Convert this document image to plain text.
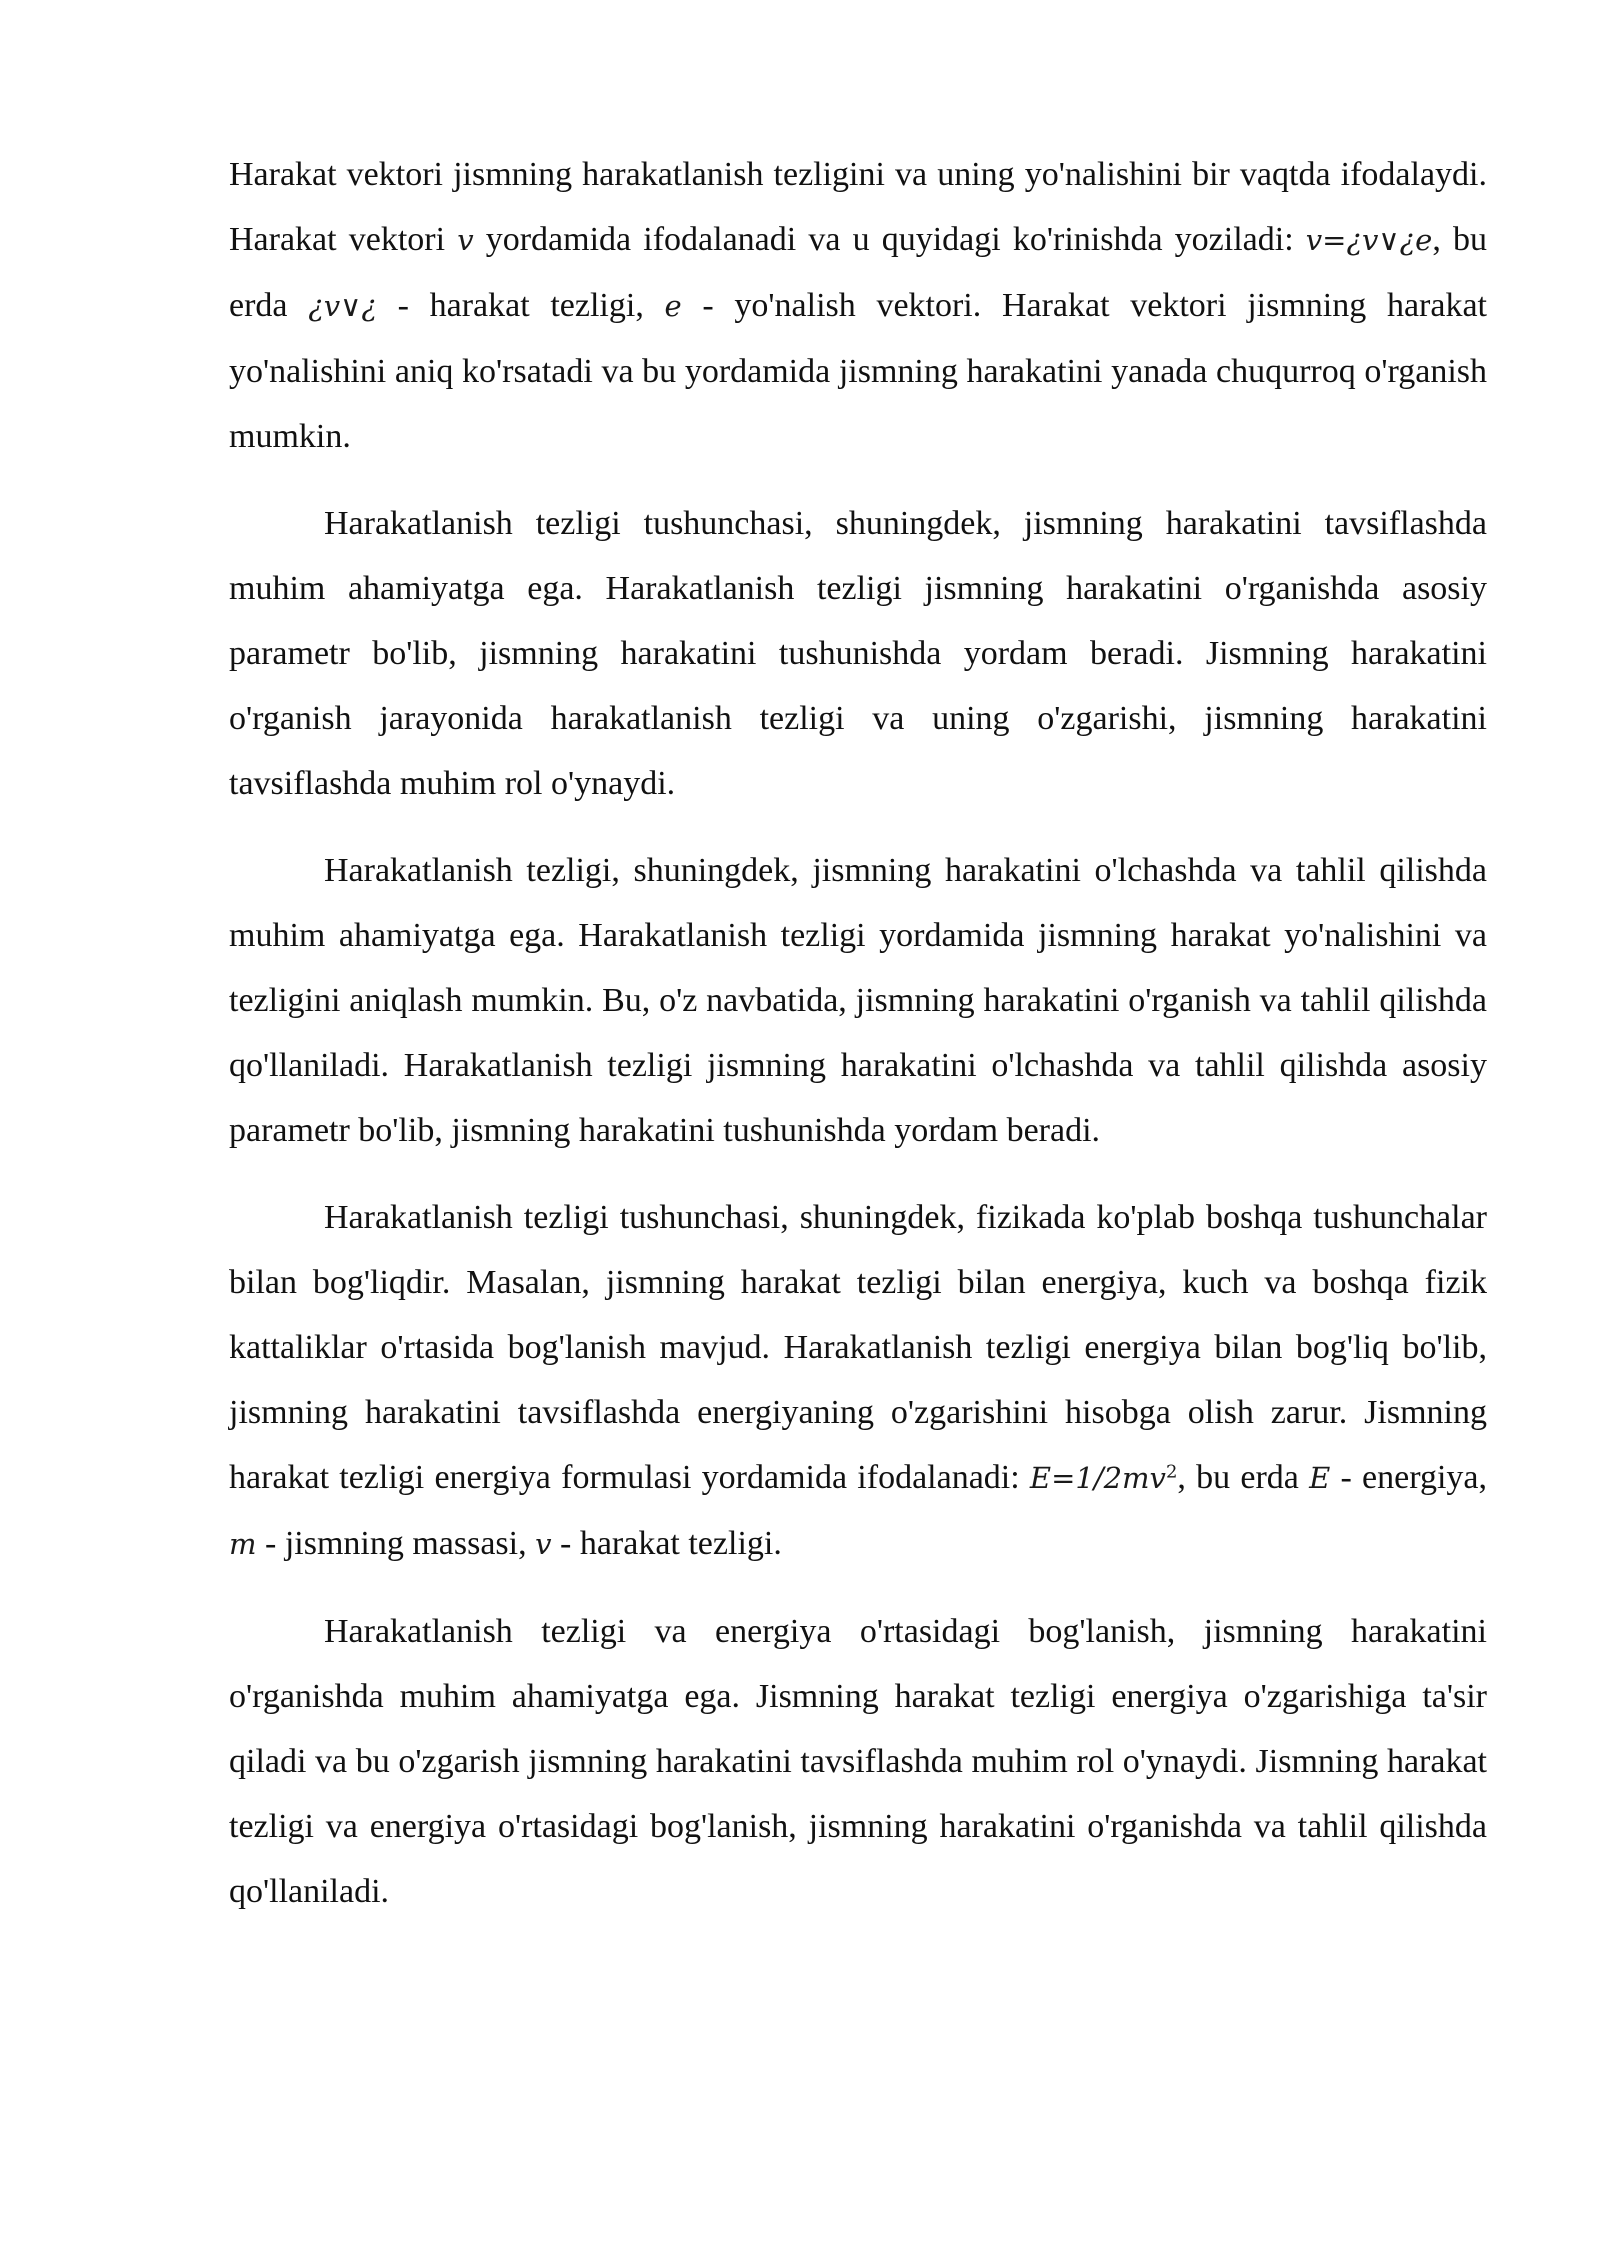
Harakat vektori jismning harakatlanish tezligini va uning yo'nalishini bir vaqtda ifodalaydi. Harakat vektori v yordamida ifodalanadi va u quyidagi ko'rinishda yoziladi: v=¿v∨¿e, bu erda ¿v∨¿ - harakat tezligi, e - yo'nalish vektori. Harakat vektori jismning harakat yo'nalishini aniq ko'rsatadi va bu yordamida jismning harakatini yanada chuqurroq o'rganish mumkin.

Harakatlanish tezligi tushunchasi, shuningdek, jismning harakatini tavsiflashda muhim ahamiyatga ega. Harakatlanish tezligi jismning harakatini o'rganishda asosiy parametr bo'lib, jismning harakatini tushunishda yordam beradi. Jismning harakatini o'rganish jarayonida harakatlanish tezligi va uning o'zgarishi, jismning harakatini tavsiflashda muhim rol o'ynaydi.

Harakatlanish tezligi, shuningdek, jismning harakatini o'lchashda va tahlil qilishda muhim ahamiyatga ega. Harakatlanish tezligi yordamida jismning harakat yo'nalishini va tezligini aniqlash mumkin. Bu, o'z navbatida, jismning harakatini o'rganish va tahlil qilishda qo'llaniladi. Harakatlanish tezligi jismning harakatini o'lchashda va tahlil qilishda asosiy parametr bo'lib, jismning harakatini tushunishda yordam beradi.

Harakatlanish tezligi tushunchasi, shuningdek, fizikada ko'plab boshqa tushunchalar bilan bog'liqdir. Masalan, jismning harakat tezligi bilan energiya, kuch va boshqa fizik kattaliklar o'rtasida bog'lanish mavjud. Harakatlanish tezligi energiya bilan bog'liq bo'lib, jismning harakatini tavsiflashda energiyaning o'zgarishini hisobga olish zarur. Jismning harakat tezligi energiya formulasi yordamida ifodalanadi: $E=1/2mv^2$, bu erda E - energiya, m - jismning massasi, v - harakat tezligi.

Harakatlanish tezligi va energiya o'rtasidagi bog'lanish, jismning harakatini o'rganishda muhim ahamiyatga ega. Jismning harakat tezligi energiya o'zgarishiga ta'sir qiladi va bu o'zgarish jismning harakatini tavsiflashda muhim rol o'ynaydi. Jismning harakat tezligi va energiya o'rtasidagi bog'lanish, jismning harakatini o'rganishda va tahlil qilishda qo'llaniladi.
